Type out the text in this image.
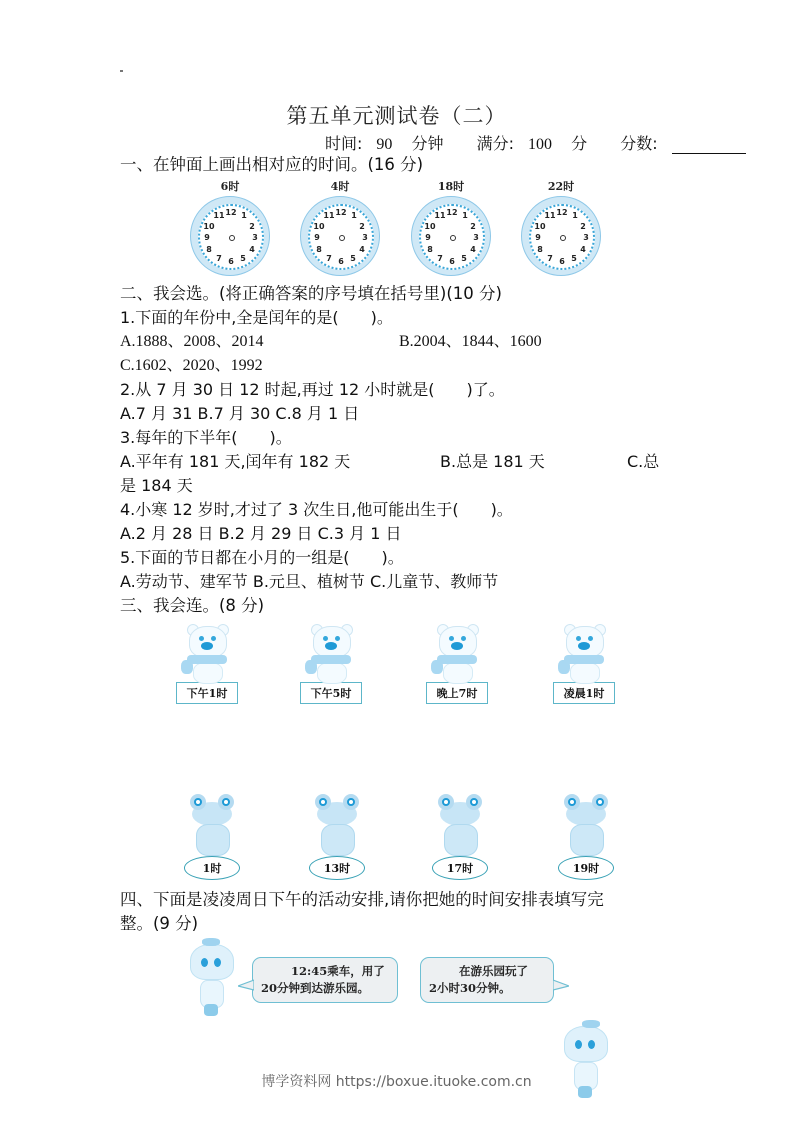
第五单元测试卷（二）
时间: 90 分钟 满分: 100 分 分数:
一、在钟面上画出相对应的时间。(16 分)
6时
12 1
2
3
4
5
6
7
8
9
10
11
4时
12 1
2
3
4
5
6
7
8
9
10
11
18时
12 1
2
3
4
5
6
7
8
9
10
11
22时
12 1
2
3
4
5
6
7
8
9
10
11
二、我会选。(将正确答案的序号填在括号里)(10 分)
1.下面的年份中,全是闰年的是(　　)。
A.1888、2008、2014	B.2004、1844、1600
C.1602、2020、1992
2.从 7 月 30 日 12 时起,再过 12 小时就是(　　)了。
A.7 月 31 B.7 月 30 C.8 月 1 日
3.每年的下半年(　　)。
A.平年有 181 天,闰年有 182 天	B.总是 181 天	C.总
是 184 天
4.小寒 12 岁时,才过了 3 次生日,他可能出生于(　　)。
A.2 月 28 日 B.2 月 29 日 C.3 月 1 日
5.下面的节日都在小月的一组是(　　)。
A.劳动节、建军节 B.元旦、植树节 C.儿童节、教师节
三、我会连。(8 分)
下午1时	下午5时	晚上7时	凌晨1时
1时	13时	17时	19时
四、下面是凌凌周日下午的活动安排,请你把她的时间安排表填写完
整。(9 分)
12:45乘车，用了
20分钟到达游乐园。
在游乐园玩了
2小时30分钟。
博学资料网 https://boxue.ituoke.com.cn
